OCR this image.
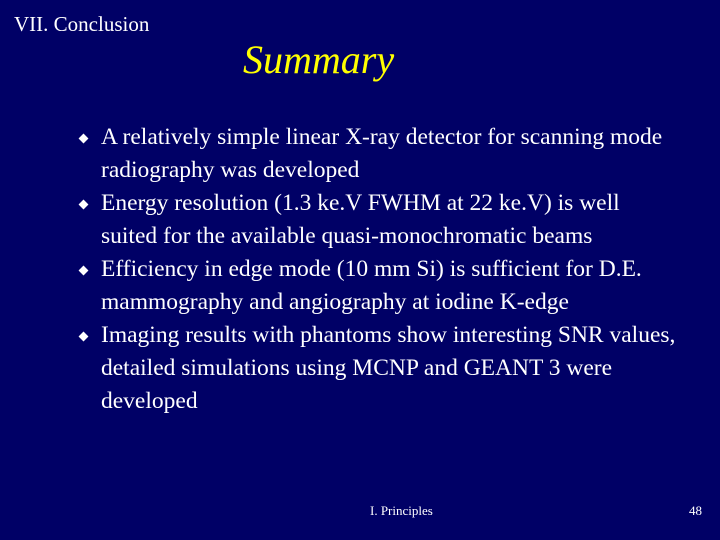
VII. Conclusion
Summary
A relatively simple linear X-ray detector for scanning mode radiography was developed
Energy resolution (1.3 ke.V FWHM at 22 ke.V) is well suited for the available quasi-monochromatic beams
Efficiency in edge mode (10 mm Si) is sufficient for D.E. mammography and angiography at iodine K-edge
Imaging results with phantoms show interesting SNR values, detailed simulations using MCNP and GEANT 3 were developed
I. Principles	48
